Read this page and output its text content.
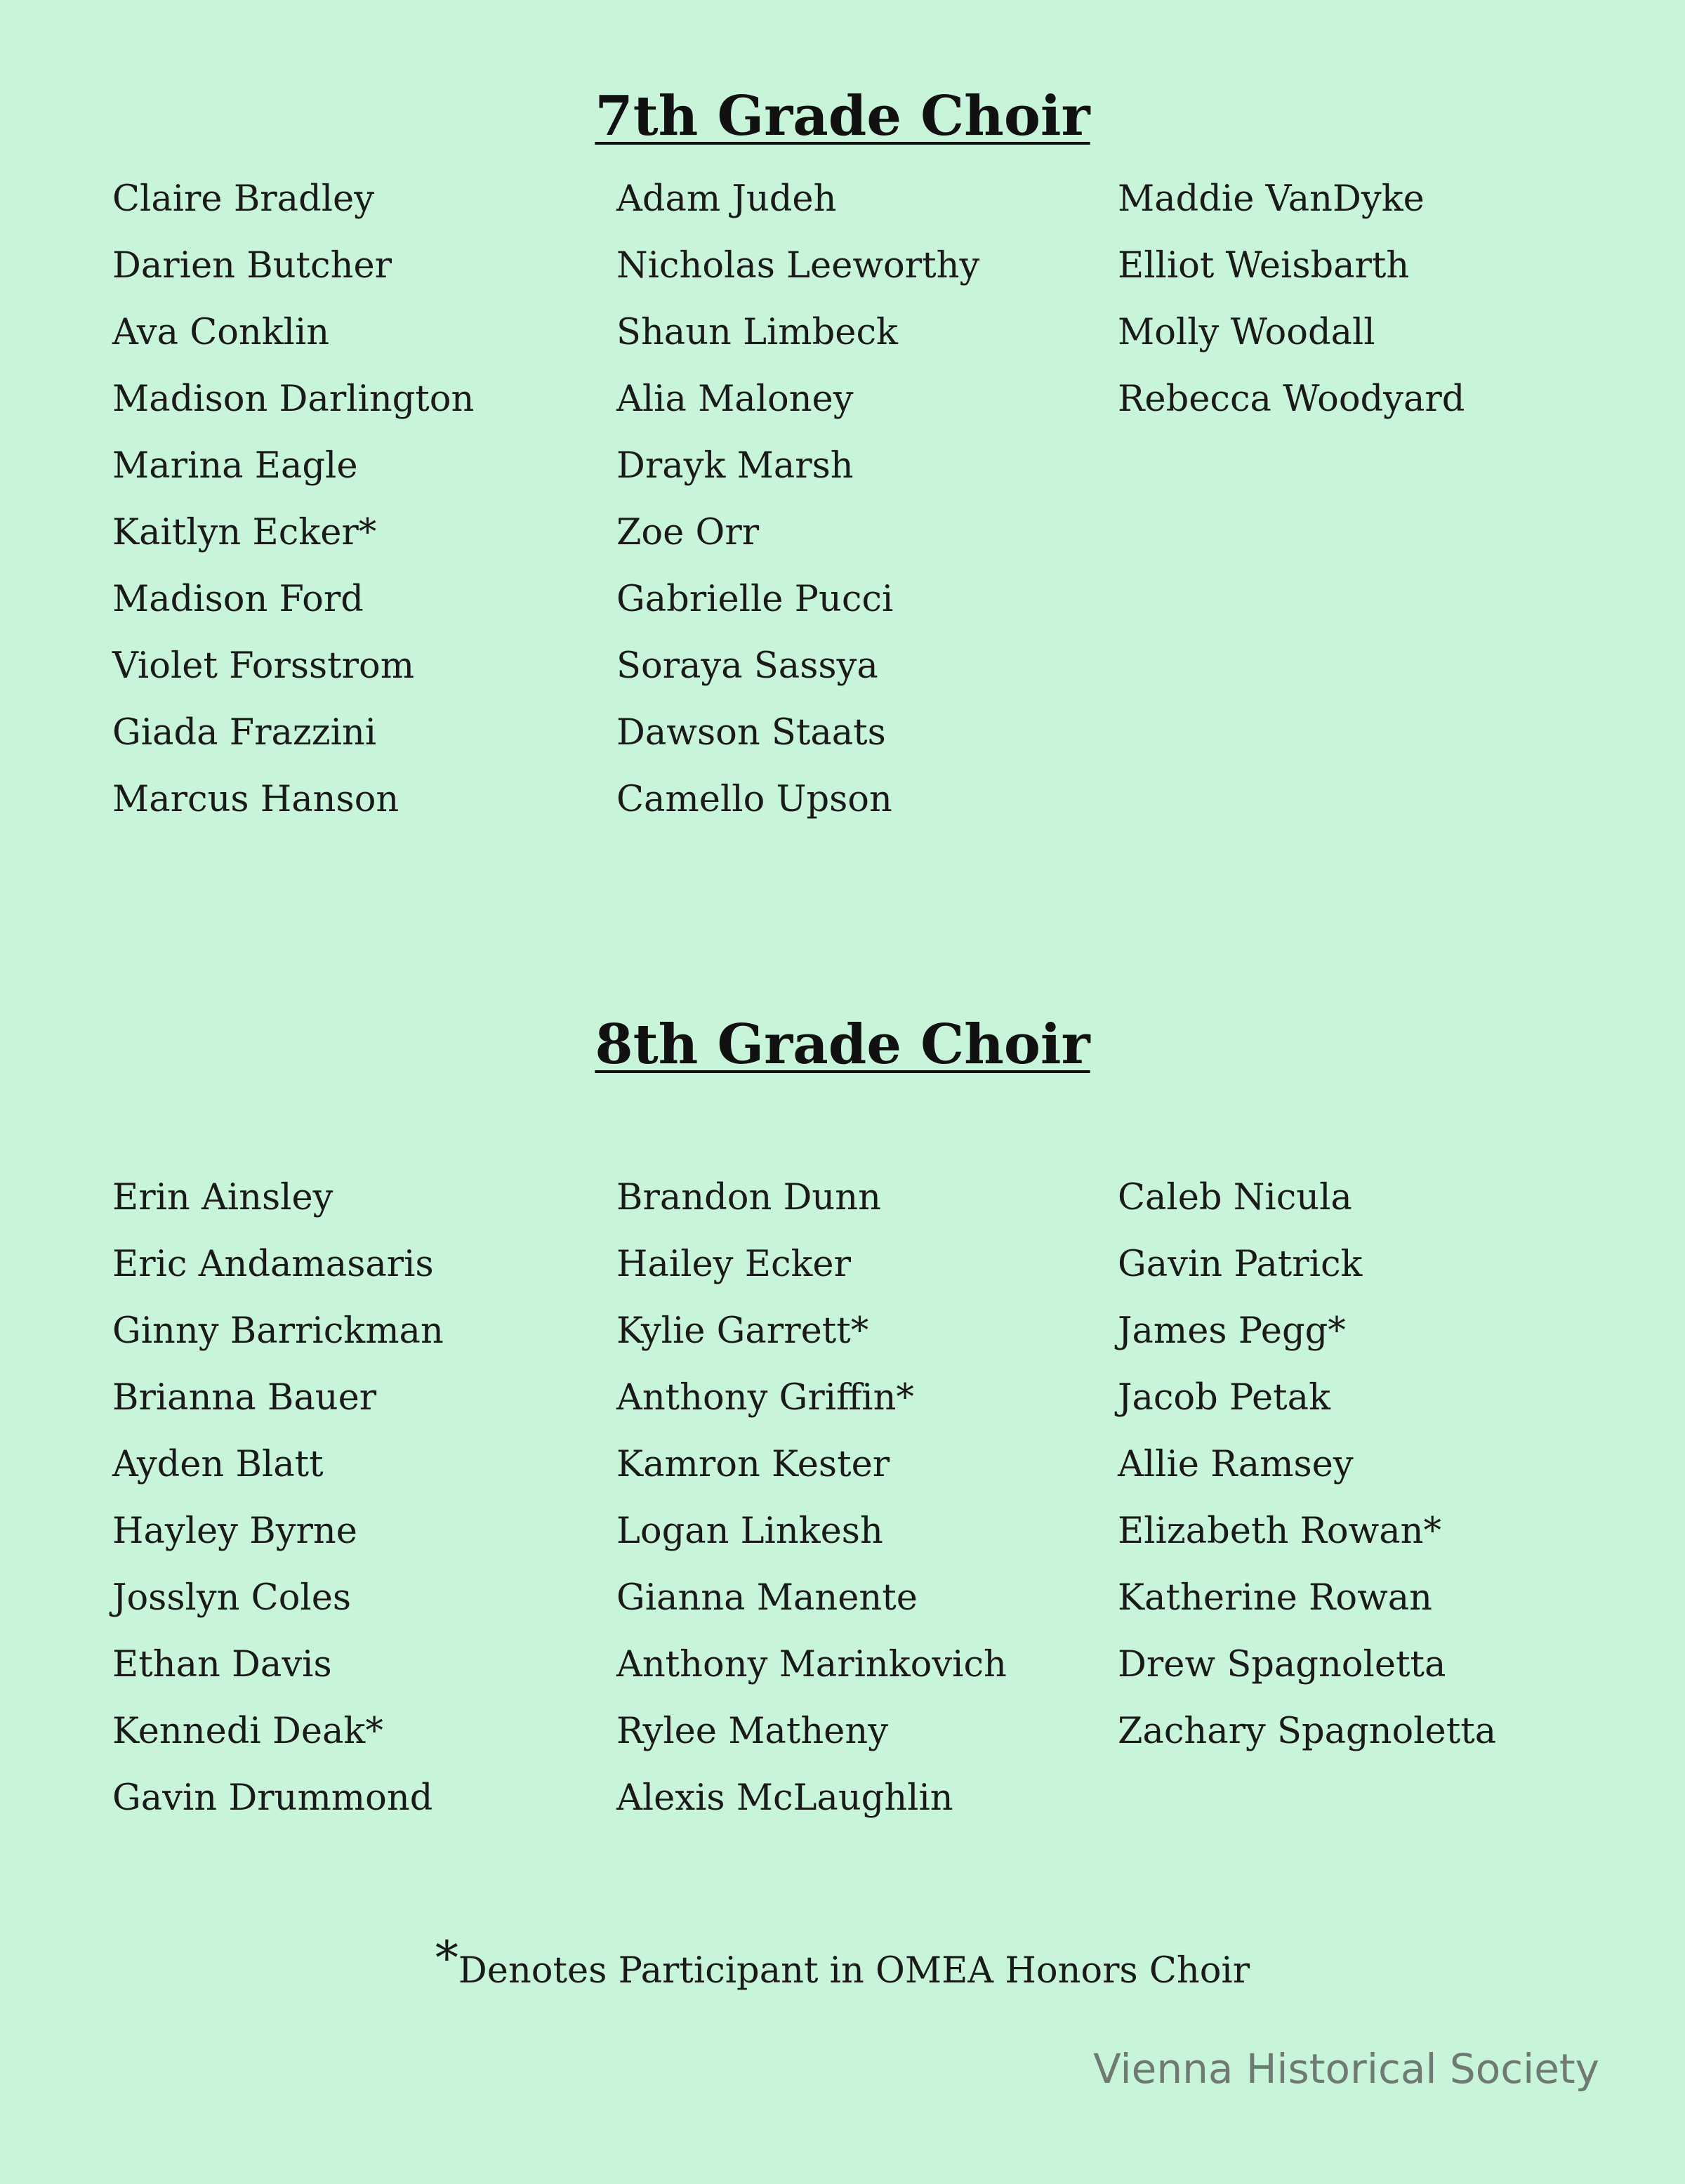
7th Grade Choir
Claire Bradley
Darien Butcher
Ava Conklin
Madison Darlington
Marina Eagle
Kaitlyn Ecker*
Madison Ford
Violet Forsstrom
Giada Frazzini
Marcus Hanson
Adam Judeh
Nicholas Leeworthy
Shaun Limbeck
Alia Maloney
Drayk Marsh
Zoe Orr
Gabrielle Pucci
Soraya Sassya
Dawson Staats
Camello Upson
Maddie VanDyke
Elliot Weisbarth
Molly Woodall
Rebecca Woodyard
8th Grade Choir
Erin Ainsley
Eric Andamasaris
Ginny Barrickman
Brianna Bauer
Ayden Blatt
Hayley Byrne
Josslyn Coles
Ethan Davis
Kennedi Deak*
Gavin Drummond
Brandon Dunn
Hailey Ecker
Kylie Garrett*
Anthony Griffin*
Kamron Kester
Logan Linkesh
Gianna Manente
Anthony Marinkovich
Rylee Matheny
Alexis McLaughlin
Caleb Nicula
Gavin Patrick
James Pegg*
Jacob Petak
Allie Ramsey
Elizabeth Rowan*
Katherine Rowan
Drew Spagnoletta
Zachary Spagnoletta

*Denotes Participant in OMEA Honors Choir

Vienna Historical Society
